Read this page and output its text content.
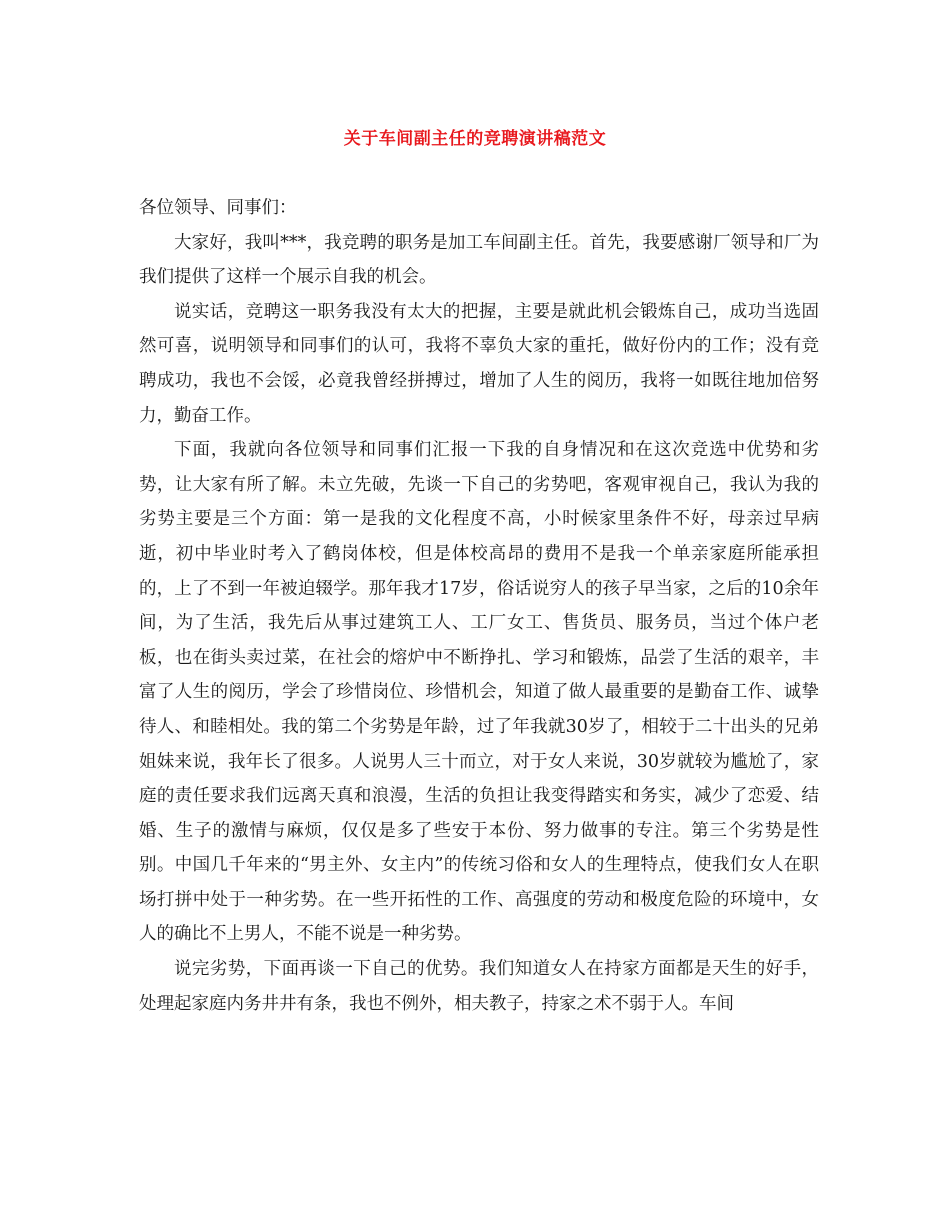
关于车间副主任的竞聘演讲稿范文

各位领导、同事们：

大家好，我叫***，我竞聘的职务是加工车间副主任。首先，我要感谢厂领导和厂为我们提供了这样一个展示自我的机会。

说实话，竞聘这一职务我没有太大的把握，主要是就此机会锻炼自己，成功当选固然可喜，说明领导和同事们的认可，我将不辜负大家的重托，做好份内的工作；没有竞聘成功，我也不会馁，必竟我曾经拼搏过，增加了人生的阅历，我将一如既往地加倍努力，勤奋工作。

下面，我就向各位领导和同事们汇报一下我的自身情况和在这次竞选中优势和劣势，让大家有所了解。未立先破，先谈一下自己的劣势吧，客观审视自己，我认为我的劣势主要是三个方面：第一是我的文化程度不高，小时候家里条件不好，母亲过早病逝，初中毕业时考入了鹤岗体校，但是体校高昂的费用不是我一个单亲家庭所能承担的，上了不到一年被迫辍学。那年我才17岁，俗话说穷人的孩子早当家，之后的10余年间，为了生活，我先后从事过建筑工人、工厂女工、售货员、服务员，当过个体户老板，也在街头卖过菜，在社会的熔炉中不断挣扎、学习和锻炼，品尝了生活的艰辛，丰富了人生的阅历，学会了珍惜岗位、珍惜机会，知道了做人最重要的是勤奋工作、诚挚待人、和睦相处。我的第二个劣势是年龄，过了年我就30岁了，相较于二十出头的兄弟姐妹来说，我年长了很多。人说男人三十而立，对于女人来说，30岁就较为尴尬了，家庭的责任要求我们远离天真和浪漫，生活的负担让我变得踏实和务实，减少了恋爱、结婚、生子的激情与麻烦，仅仅是多了些安于本份、努力做事的专注。第三个劣势是性别。中国几千年来的“男主外、女主内”的传统习俗和女人的生理特点，使我们女人在职场打拼中处于一种劣势。在一些开拓性的工作、高强度的劳动和极度危险的环境中，女人的确比不上男人，不能不说是一种劣势。

说完劣势，下面再谈一下自己的优势。我们知道女人在持家方面都是天生的好手，处理起家庭内务井井有条，我也不例外，相夫教子，持家之术不弱于人。车间
